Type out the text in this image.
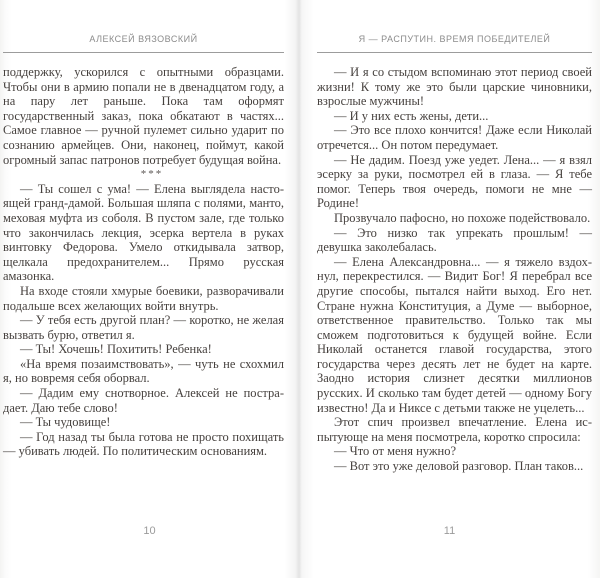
АЛЕКСЕЙ ВЯЗОВСКИЙ

поддержку, ускорился с опытными образцами. Чтобы они в армию попали не в двенадцатом году, а на пару лет раньше. Пока там оформят государственный заказ, пока обкатают в частях... Самое главное — ручной пулемет сильно ударит по сознанию армейцев. Они, наконец, поймут, какой огромный запас патронов потребует будущая война.

***

— Ты сошел с ума! — Елена выглядела настоящей гранд-дамой. Большая шляпа с полями, манто, меховая муфта из соболя. В пустом зале, где только что закончилась лекция, эсерка вертела в руках винтовку Федорова. Умело откидывала затвор, щелкала предохранителем... Прямо русская амазонка.

На входе стояли хмурые боевики, разворачивали подальше всех желающих войти внутрь.

— У тебя есть другой план? — коротко, не желая вызвать бурю, ответил я.

— Ты! Хочешь! Похитить! Ребенка!

«На время позаимствовать», — чуть не схохмил я, но вовремя себя оборвал.

— Дадим ему снотворное. Алексей не пострадает. Даю тебе слово!

— Ты чудовище!

— Год назад ты была готова не просто похищать — убивать людей. По политическим основаниям.

10
Я — РАСПУТИН. ВРЕМЯ ПОБЕДИТЕЛЕЙ

— И я со стыдом вспоминаю этот период своей жизни! К тому же это были царские чиновники, взрослые мужчины!

— И у них есть жены, дети...

— Это все плохо кончится! Даже если Николай отречется... Он потом передумает.

— Не дадим. Поезд уже уедет. Лена... — я взял эсерку за руки, посмотрел ей в глаза. — Я тебе помог. Теперь твоя очередь, помоги не мне — Родине!

Прозвучало пафосно, но похоже подействовало.

— Это низко так упрекать прошлым! — девушка заколебалась.

— Елена Александровна... — я тяжело вздохнул, перекрестился. — Видит Бог! Я перебрал все другие способы, пытался найти выход. Его нет. Стране нужна Конституция, а Думе — выборное, ответственное правительство. Только так мы сможем подготовиться к будущей войне. Если Николай останется главой государства, этого государства через десять лет не будет на карте. Заодно история слизнет десятки миллионов русских. И сколько там будет детей — одному Богу известно! Да и Никсе с детьми также не уцелеть...

Этот спич произвел впечатление. Елена испытующе на меня посмотрела, коротко спросила:

— Что от меня нужно?

— Вот это уже деловой разговор. План таков...

11
